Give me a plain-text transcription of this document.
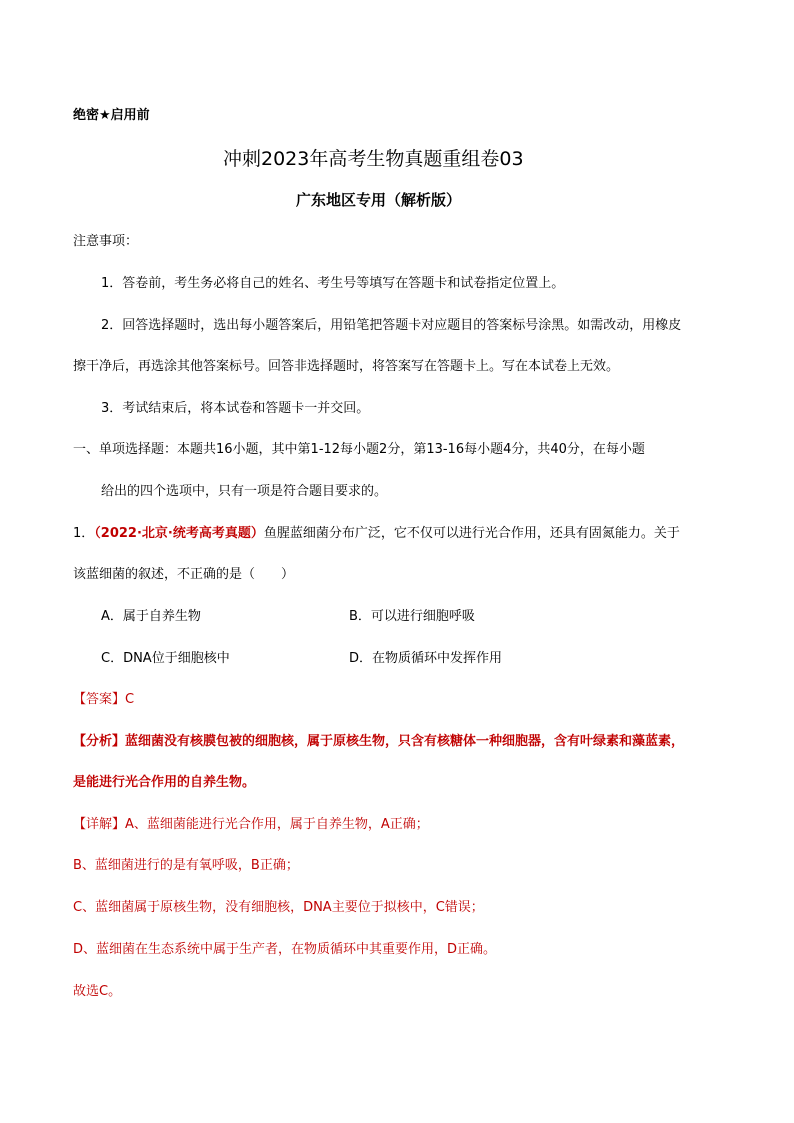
绝密★启用前
冲刺2023年高考生物真题重组卷03
广东地区专用（解析版）
注意事项：
1．答卷前，考生务必将自己的姓名、考生号等填写在答题卡和试卷指定位置上。
2．回答选择题时，选出每小题答案后，用铅笔把答题卡对应题目的答案标号涂黑。如需改动，用橡皮
擦干净后，再选涂其他答案标号。回答非选择题时，将答案写在答题卡上。写在本试卷上无效。
3．考试结束后，将本试卷和答题卡一并交回。
一、单项选择题：本题共16小题，其中第1-12每小题2分，第13-16每小题4分，共40分，在每小题
给出的四个选项中，只有一项是符合题目要求的。
1．（2022·北京·统考高考真题）鱼腥蓝细菌分布广泛，它不仅可以进行光合作用，还具有固氮能力。关于
该蓝细菌的叙述，不正确的是（　　）
A．属于自养生物	B．可以进行细胞呼吸
C．DNA位于细胞核中	D．在物质循环中发挥作用
【答案】C
【分析】蓝细菌没有核膜包被的细胞核，属于原核生物，只含有核糖体一种细胞器，含有叶绿素和藻蓝素，
是能进行光合作用的自养生物。
【详解】A、蓝细菌能进行光合作用，属于自养生物，A正确；
B、蓝细菌进行的是有氧呼吸，B正确；
C、蓝细菌属于原核生物，没有细胞核，DNA主要位于拟核中，C错误；
D、蓝细菌在生态系统中属于生产者，在物质循环中其重要作用，D正确。
故选C。
